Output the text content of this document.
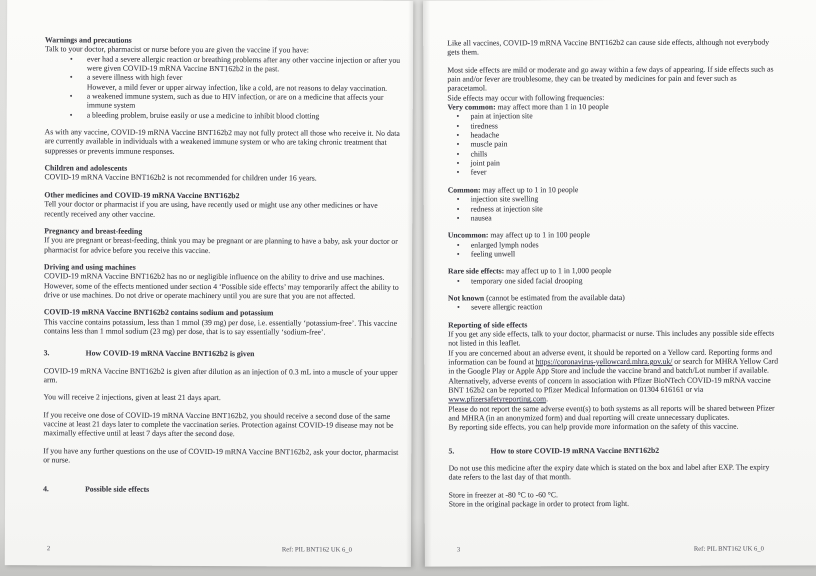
Warnings and precautions
Talk to your doctor, pharmacist or nurse before you are given the vaccine if you have:
• ever had a severe allergic reaction or breathing problems after any other vaccine injection or after you were given COVID-19 mRNA Vaccine BNT162b2 in the past.
• a severe illness with high fever
However, a mild fever or upper airway infection, like a cold, are not reasons to delay vaccination.
• a weakened immune system, such as due to HIV infection, or are on a medicine that affects your immune system
• a bleeding problem, bruise easily or use a medicine to inhibit blood clotting
As with any vaccine, COVID-19 mRNA Vaccine BNT162b2 may not fully protect all those who receive it. No data are currently available in individuals with a weakened immune system or who are taking chronic treatment that suppresses or prevents immune responses.
Children and adolescents
COVID-19 mRNA Vaccine BNT162b2 is not recommended for children under 16 years.
Other medicines and COVID-19 mRNA Vaccine BNT162b2
Tell your doctor or pharmacist if you are using, have recently used or might use any other medicines or have recently received any other vaccine.
Pregnancy and breast-feeding
If you are pregnant or breast-feeding, think you may be pregnant or are planning to have a baby, ask your doctor or pharmacist for advice before you receive this vaccine.
Driving and using machines
COVID-19 mRNA Vaccine BNT162b2 has no or negligible influence on the ability to drive and use machines. However, some of the effects mentioned under section 4 ‘Possible side effects’ may temporarily affect the ability to drive or use machines. Do not drive or operate machinery until you are sure that you are not affected.
COVID-19 mRNA Vaccine BNT162b2 contains sodium and potassium
This vaccine contains potassium, less than 1 mmol (39 mg) per dose, i.e. essentially ‘potassium-free’. This vaccine contains less than 1 mmol sodium (23 mg) per dose, that is to say essentially ‘sodium-free’.
3.	How COVID-19 mRNA Vaccine BNT162b2 is given
COVID-19 mRNA Vaccine BNT162b2 is given after dilution as an injection of 0.3 mL into a muscle of your upper arm.
You will receive 2 injections, given at least 21 days apart.
If you receive one dose of COVID-19 mRNA Vaccine BNT162b2, you should receive a second dose of the same vaccine at least 21 days later to complete the vaccination series. Protection against COVID-19 disease may not be maximally effective until at least 7 days after the second dose.
If you have any further questions on the use of COVID-19 mRNA Vaccine BNT162b2, ask your doctor, pharmacist or nurse.
4.	Possible side effects
2	Ref: PIL BNT162 UK 6_0
Like all vaccines, COVID-19 mRNA Vaccine BNT162b2 can cause side effects, although not everybody gets them.
Most side effects are mild or moderate and go away within a few days of appearing. If side effects such as pain and/or fever are troublesome, they can be treated by medicines for pain and fever such as paracetamol.
Side effects may occur with following frequencies:
Very common: may affect more than 1 in 10 people
• pain at injection site
• tiredness
• headache
• muscle pain
• chills
• joint pain
• fever
Common: may affect up to 1 in 10 people
• injection site swelling
• redness at injection site
• nausea
Uncommon: may affect up to 1 in 100 people
• enlarged lymph nodes
• feeling unwell
Rare side effects: may affect up to 1 in 1,000 people
• temporary one sided facial drooping
Not known (cannot be estimated from the available data)
• severe allergic reaction
Reporting of side effects
If you get any side effects, talk to your doctor, pharmacist or nurse. This includes any possible side effects not listed in this leaflet.
If you are concerned about an adverse event, it should be reported on a Yellow card. Reporting forms and information can be found at https://coronavirus-yellowcard.mhra.gov.uk/ or search for MHRA Yellow Card in the Google Play or Apple App Store and include the vaccine brand and batch/Lot number if available.
Alternatively, adverse events of concern in association with Pfizer BioNTech COVID-19 mRNA vaccine BNT 162b2 can be reported to Pfizer Medical Information on 01304 616161 or via www.pfizersafetyreporting.com.
Please do not report the same adverse event(s) to both systems as all reports will be shared between Pfizer and MHRA (in an anonymized form) and dual reporting will create unnecessary duplicates.
By reporting side effects, you can help provide more information on the safety of this vaccine.
5.	How to store COVID-19 mRNA Vaccine BNT162b2
Do not use this medicine after the expiry date which is stated on the box and label after EXP. The expiry date refers to the last day of that month.
Store in freezer at -80 °C to -60 °C.
Store in the original package in order to protect from light.
3	Ref: PIL BNT162 UK 6_0
